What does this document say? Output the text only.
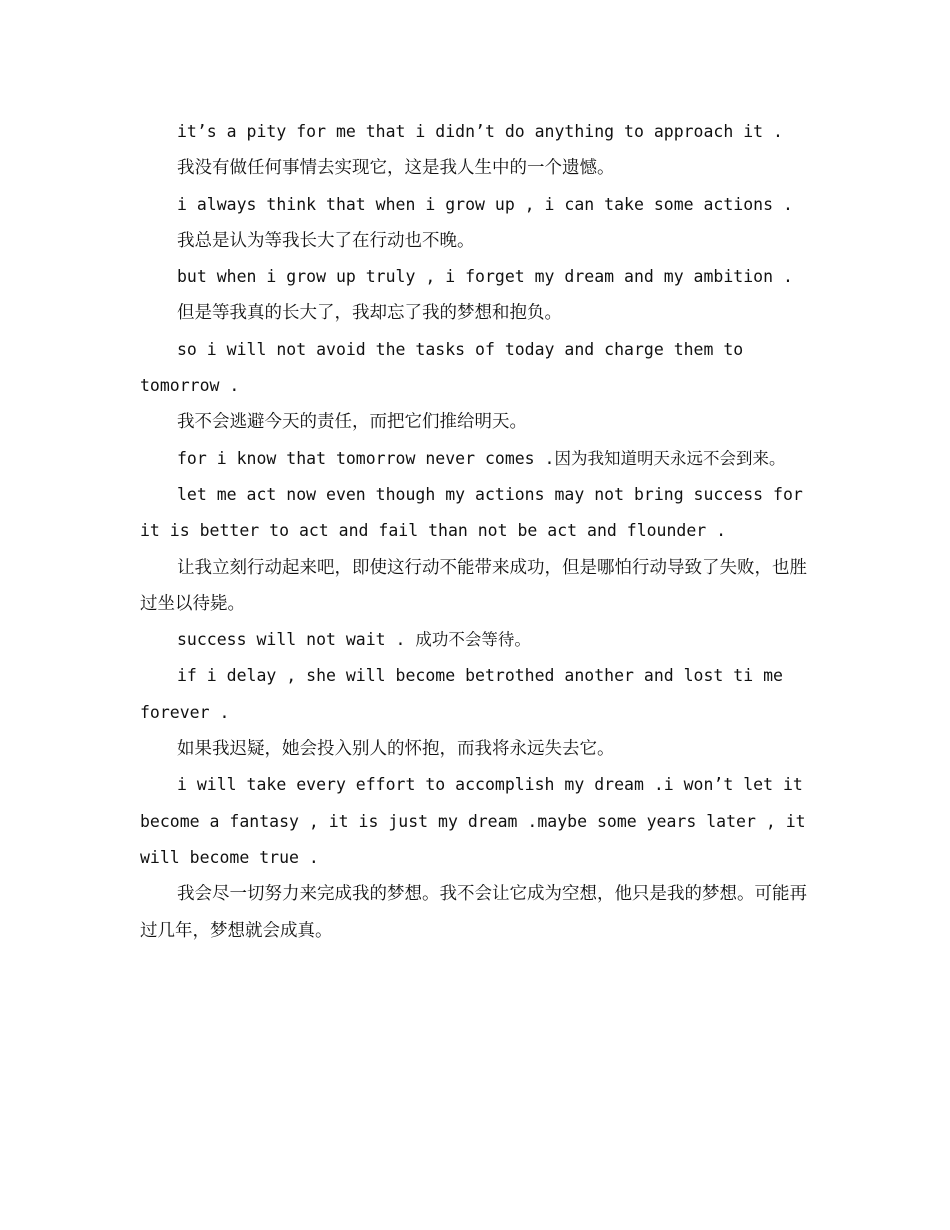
it’s a pity for me that i didn’t do anything to approach it .

我没有做任何事情去实现它，这是我人生中的一个遗憾。

i always think that when i grow up , i can take some actions .

我总是认为等我长大了在行动也不晚。

but when i grow up truly , i forget my dream and my ambition .

但是等我真的长大了，我却忘了我的梦想和抱负。

so i will not avoid the tasks of today and charge them to tomorrow .

我不会逃避今天的责任，而把它们推给明天。

for i know that tomorrow never comes .因为我知道明天永远不会到来。

let me act now even though my actions may not bring success for it is better to act and fail than not be act and flounder .

让我立刻行动起来吧，即使这行动不能带来成功，但是哪怕行动导致了失败，也胜过坐以待毙。

success will not wait . 成功不会等待。

if i delay , she will become betrothed another and lost ti me forever .

如果我迟疑，她会投入别人的怀抱，而我将永远失去它。

i will take every effort to accomplish my dream .i won’t let it become a fantasy , it is just my dream .maybe some years later , it will become true .

我会尽一切努力来完成我的梦想。我不会让它成为空想，他只是我的梦想。可能再过几年，梦想就会成真。
